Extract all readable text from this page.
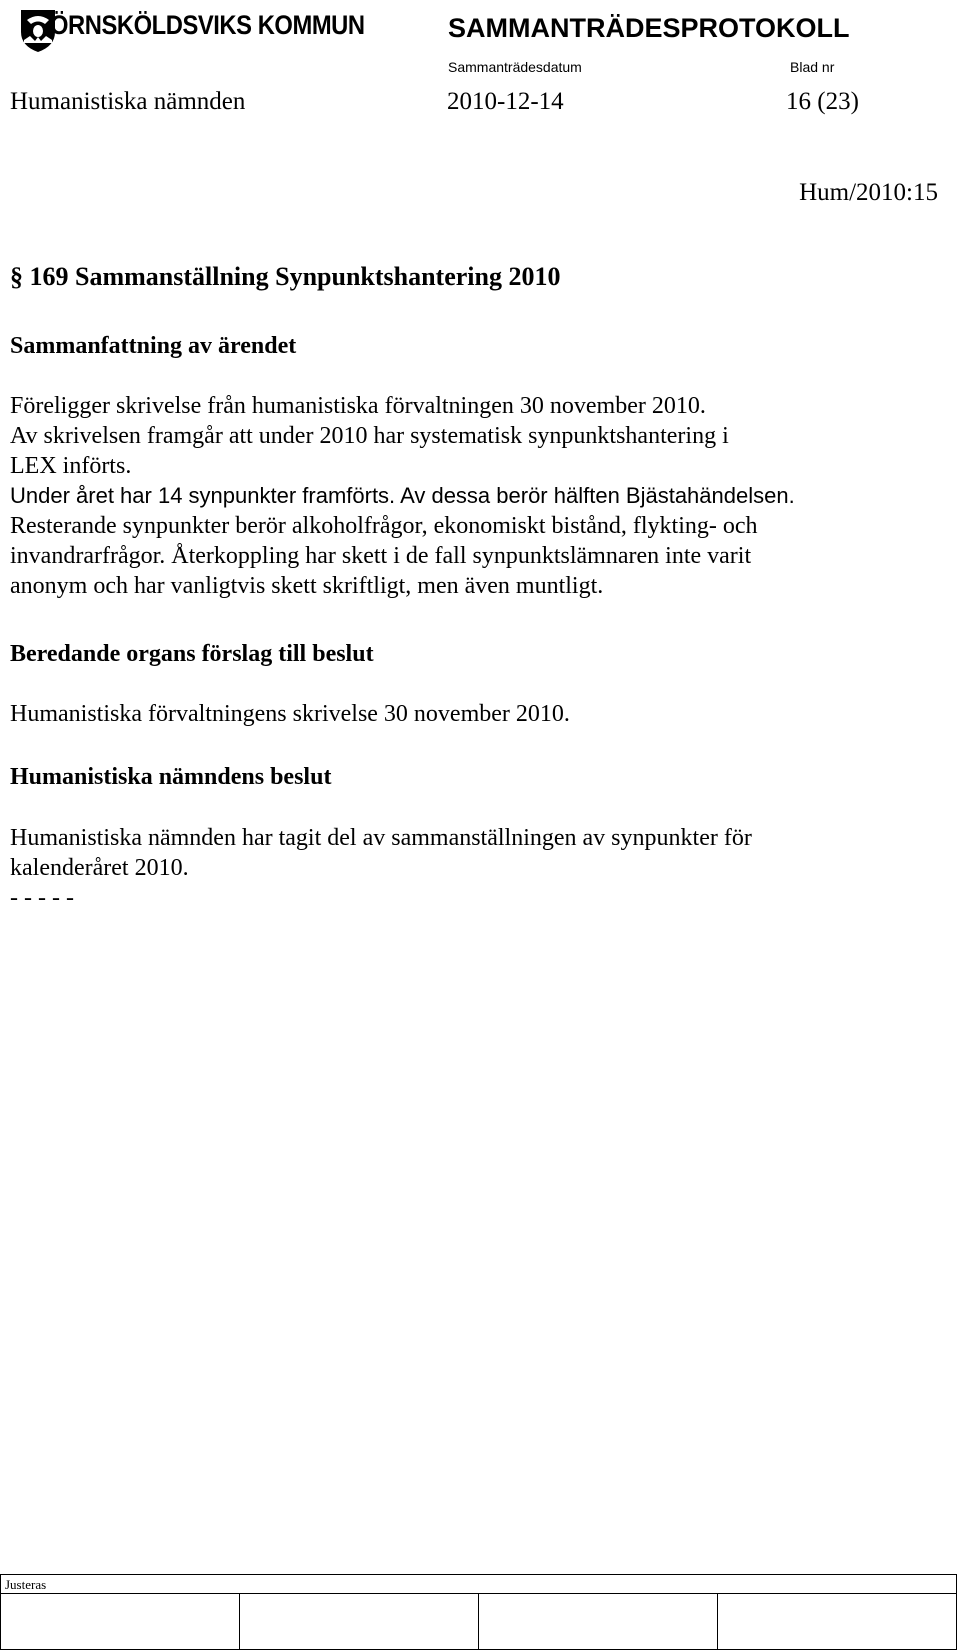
ÖRNSKÖLDSVIKS KOMMUN	SAMMANTRÄDESPROTOKOLL
Sammanträdesdatum	Blad nr
Humanistiska nämnden	2010-12-14	16 (23)
Hum/2010:15
§ 169 Sammanställning Synpunktshantering 2010
Sammanfattning av ärendet
Föreligger skrivelse från humanistiska förvaltningen 30 november 2010.
Av skrivelsen framgår att under 2010 har systematisk synpunktshantering i
LEX införts.
Under året har 14 synpunkter framförts. Av dessa berör hälften Bjästahändelsen.
Resterande synpunkter berör alkoholfrågor, ekonomiskt bistånd, flykting- och
invandrarfrågor. Återkoppling har skett i de fall synpunktslämnaren inte varit
anonym och har vanligtvis skett skriftligt, men även muntligt.
Beredande organs förslag till beslut
Humanistiska förvaltningens skrivelse 30 november 2010.
Humanistiska nämndens beslut
Humanistiska nämnden har tagit del av sammanställningen av synpunkter för
kalenderåret 2010.
- - - - -
Justeras
